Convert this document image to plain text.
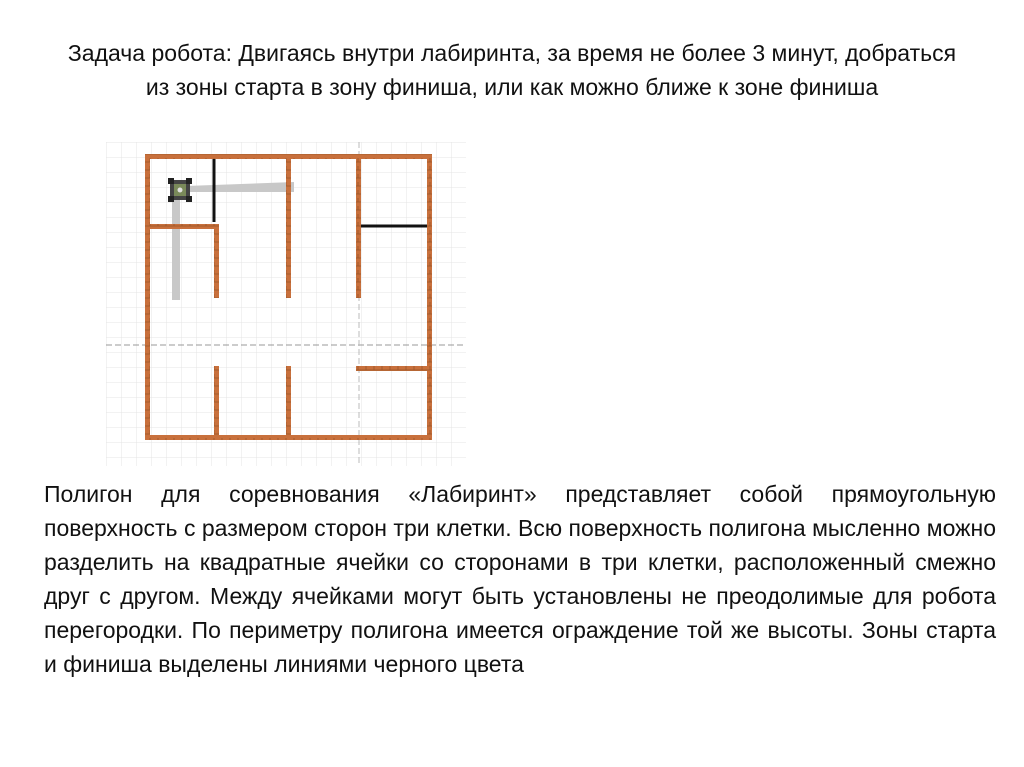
Задача робота: Двигаясь внутри лабиринта, за время не более 3 минут, добраться из зоны старта в зону финиша, или как можно ближе к зоне финиша

Полигон для соревнования «Лабиринт» представляет собой прямоугольную поверхность с размером сторон три клетки. Всю поверхность полигона мысленно можно разделить на квадратные ячейки со сторонами в три клетки, расположенный смежно друг с другом. Между ячейками могут быть установлены не преодолимые для робота перегородки. По периметру полигона имеется ограждение той же высоты. Зоны старта и финиша выделены линиями черного цвета
